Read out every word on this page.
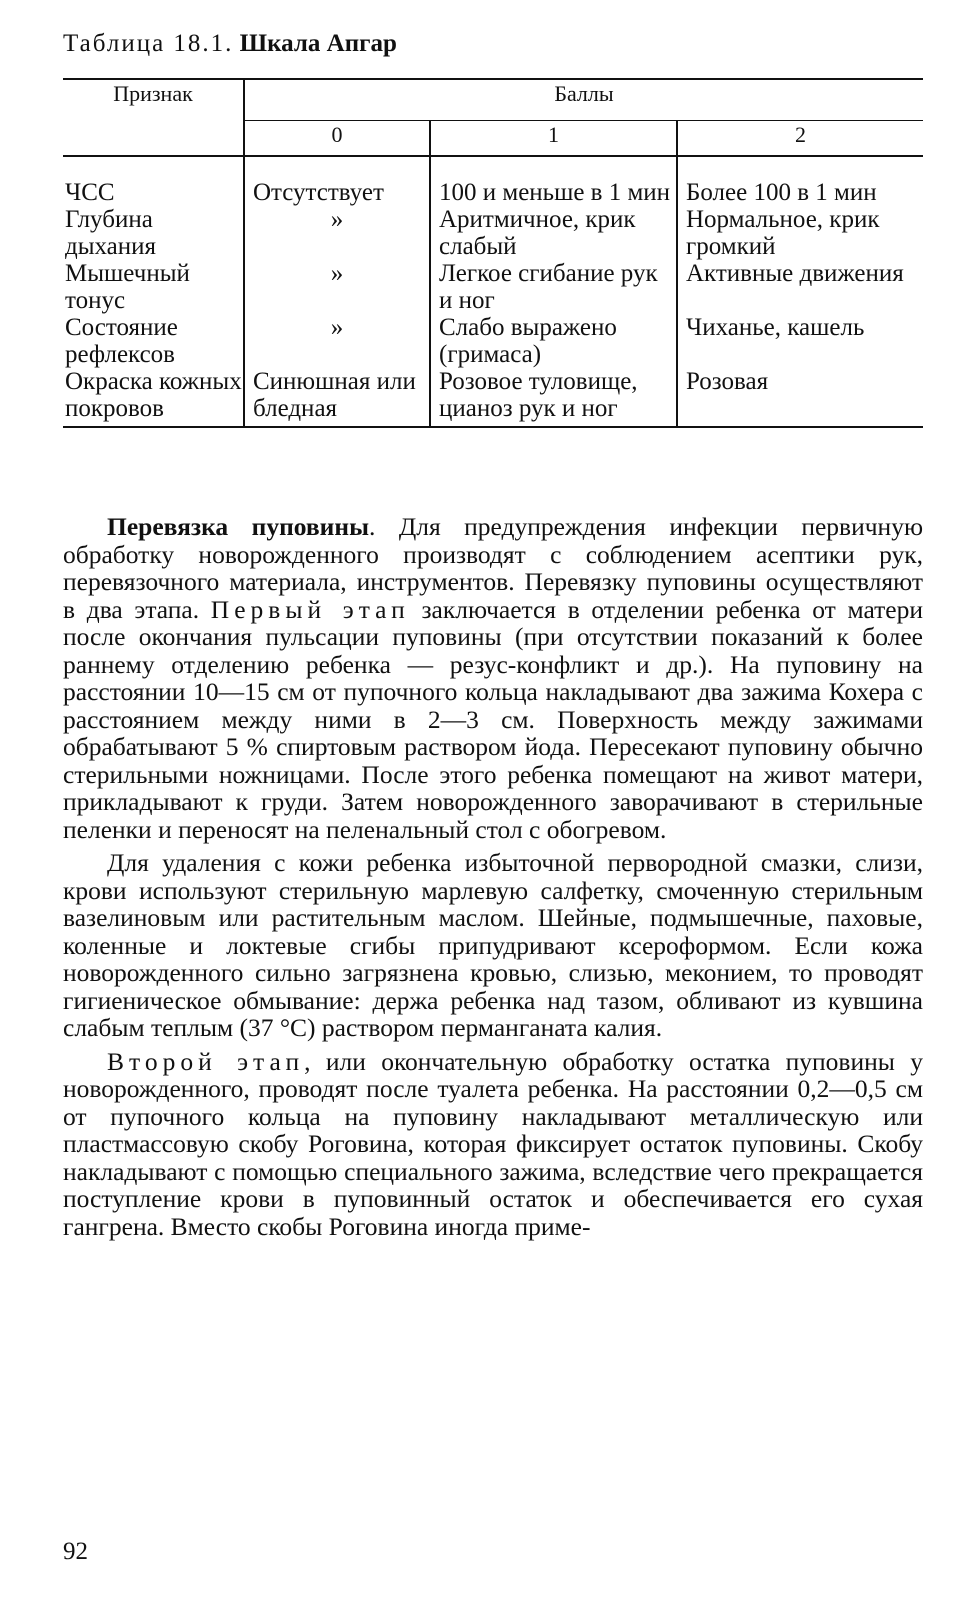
Таблица 18.1. Шкала Апгар
Признак	Баллы		
	0	1	2
ЧСС	Отсутствует	100 и меньше в 1 мин	Более 100 в 1 мин
Глубина дыхания	»	Аритмичное, крик слабый	Нормальное, крик громкий
Мышечный тонус	»	Легкое сгибание рук и ног	Активные движения
Состояние рефлексов	»	Слабо выражено (гримаса)	Чиханье, кашель
Окраска кожных покровов	Синюшная или бледная	Розовое туловище, цианоз рук и ног	Розовая

Перевязка пуповины. Для предупреждения инфекции первичную обработку новорожденного производят с соблюдением асептики рук, перевязочного материала, инструментов. Перевязку пуповины осуществляют в два этапа. Первый этап заключается в отделении ребенка от матери после окончания пульсации пуповины (при отсутствии показаний к более раннему отделению ребенка — резус-конфликт и др.). На пуповину на расстоянии 10—15 см от пупочного кольца накладывают два зажима Кохера с расстоянием между ними в 2—3 см. Поверхность между зажимами обрабатывают 5 % спиртовым раствором йода. Пересекают пуповину обычно стерильными ножницами. После этого ребенка помещают на живот матери, прикладывают к груди. Затем новорожденного заворачивают в стерильные пеленки и переносят на пеленальный стол с обогревом.

Для удаления с кожи ребенка избыточной первородной смазки, слизи, крови используют стерильную марлевую салфетку, смоченную стерильным вазелиновым или растительным маслом. Шейные, подмышечные, паховые, коленные и локтевые сгибы припудривают ксероформом. Если кожа новорожденного сильно загрязнена кровью, слизью, меконием, то проводят гигиеническое обмывание: держа ребенка над тазом, обливают из кувшина слабым теплым (37 °С) раствором перманганата калия.

Второй этап, или окончательную обработку остатка пуповины у новорожденного, проводят после туалета ребенка. На расстоянии 0,2—0,5 см от пупочного кольца на пуповину накладывают металлическую или пластмассовую скобу Роговина, которая фиксирует остаток пуповины. Скобу накладывают с помощью специального зажима, вследствие чего прекращается поступление крови в пуповинный остаток и обеспечивается его сухая гангрена. Вместо скобы Роговина иногда приме-

92
